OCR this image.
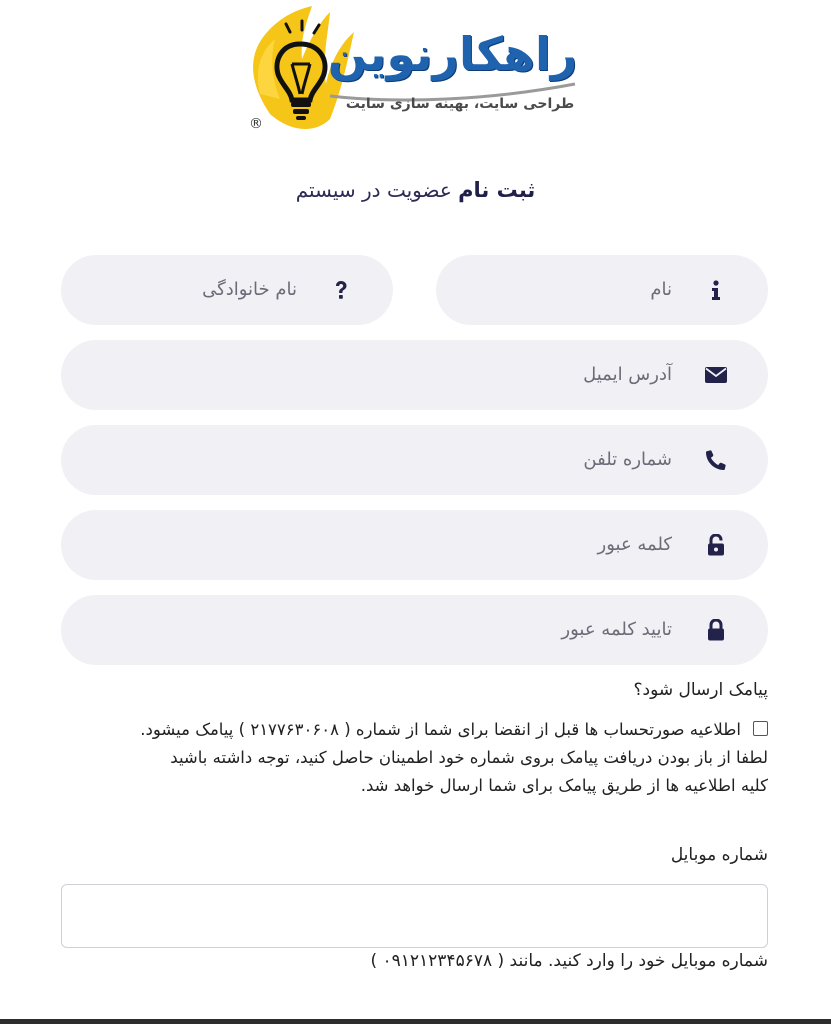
راهکارنوین
طراحی سایت، بهینه سازی سایت
®
ثبت نام عضویت در سیستم
نام
نام خانوادگی
آدرس ایمیل
شماره تلفن
کلمه عبور
تایید کلمه عبور
پیامک ارسال شود؟
اطلاعیه صورتحساب ها قبل از انقضا برای شما از شماره ( ۲۱۷۷۶۳۰۶۰۸ ) پیامک میشود.
لطفا از باز بودن دریافت پیامک بروی شماره خود اطمینان حاصل کنید، توجه داشته باشید
کلیه اطلاعیه ها از طریق پیامک برای شما ارسال خواهد شد.
شماره موبایل
شماره موبایل خود را وارد کنید. مانند ( ۰۹۱۲۱۲۳۴۵۶۷۸ )
